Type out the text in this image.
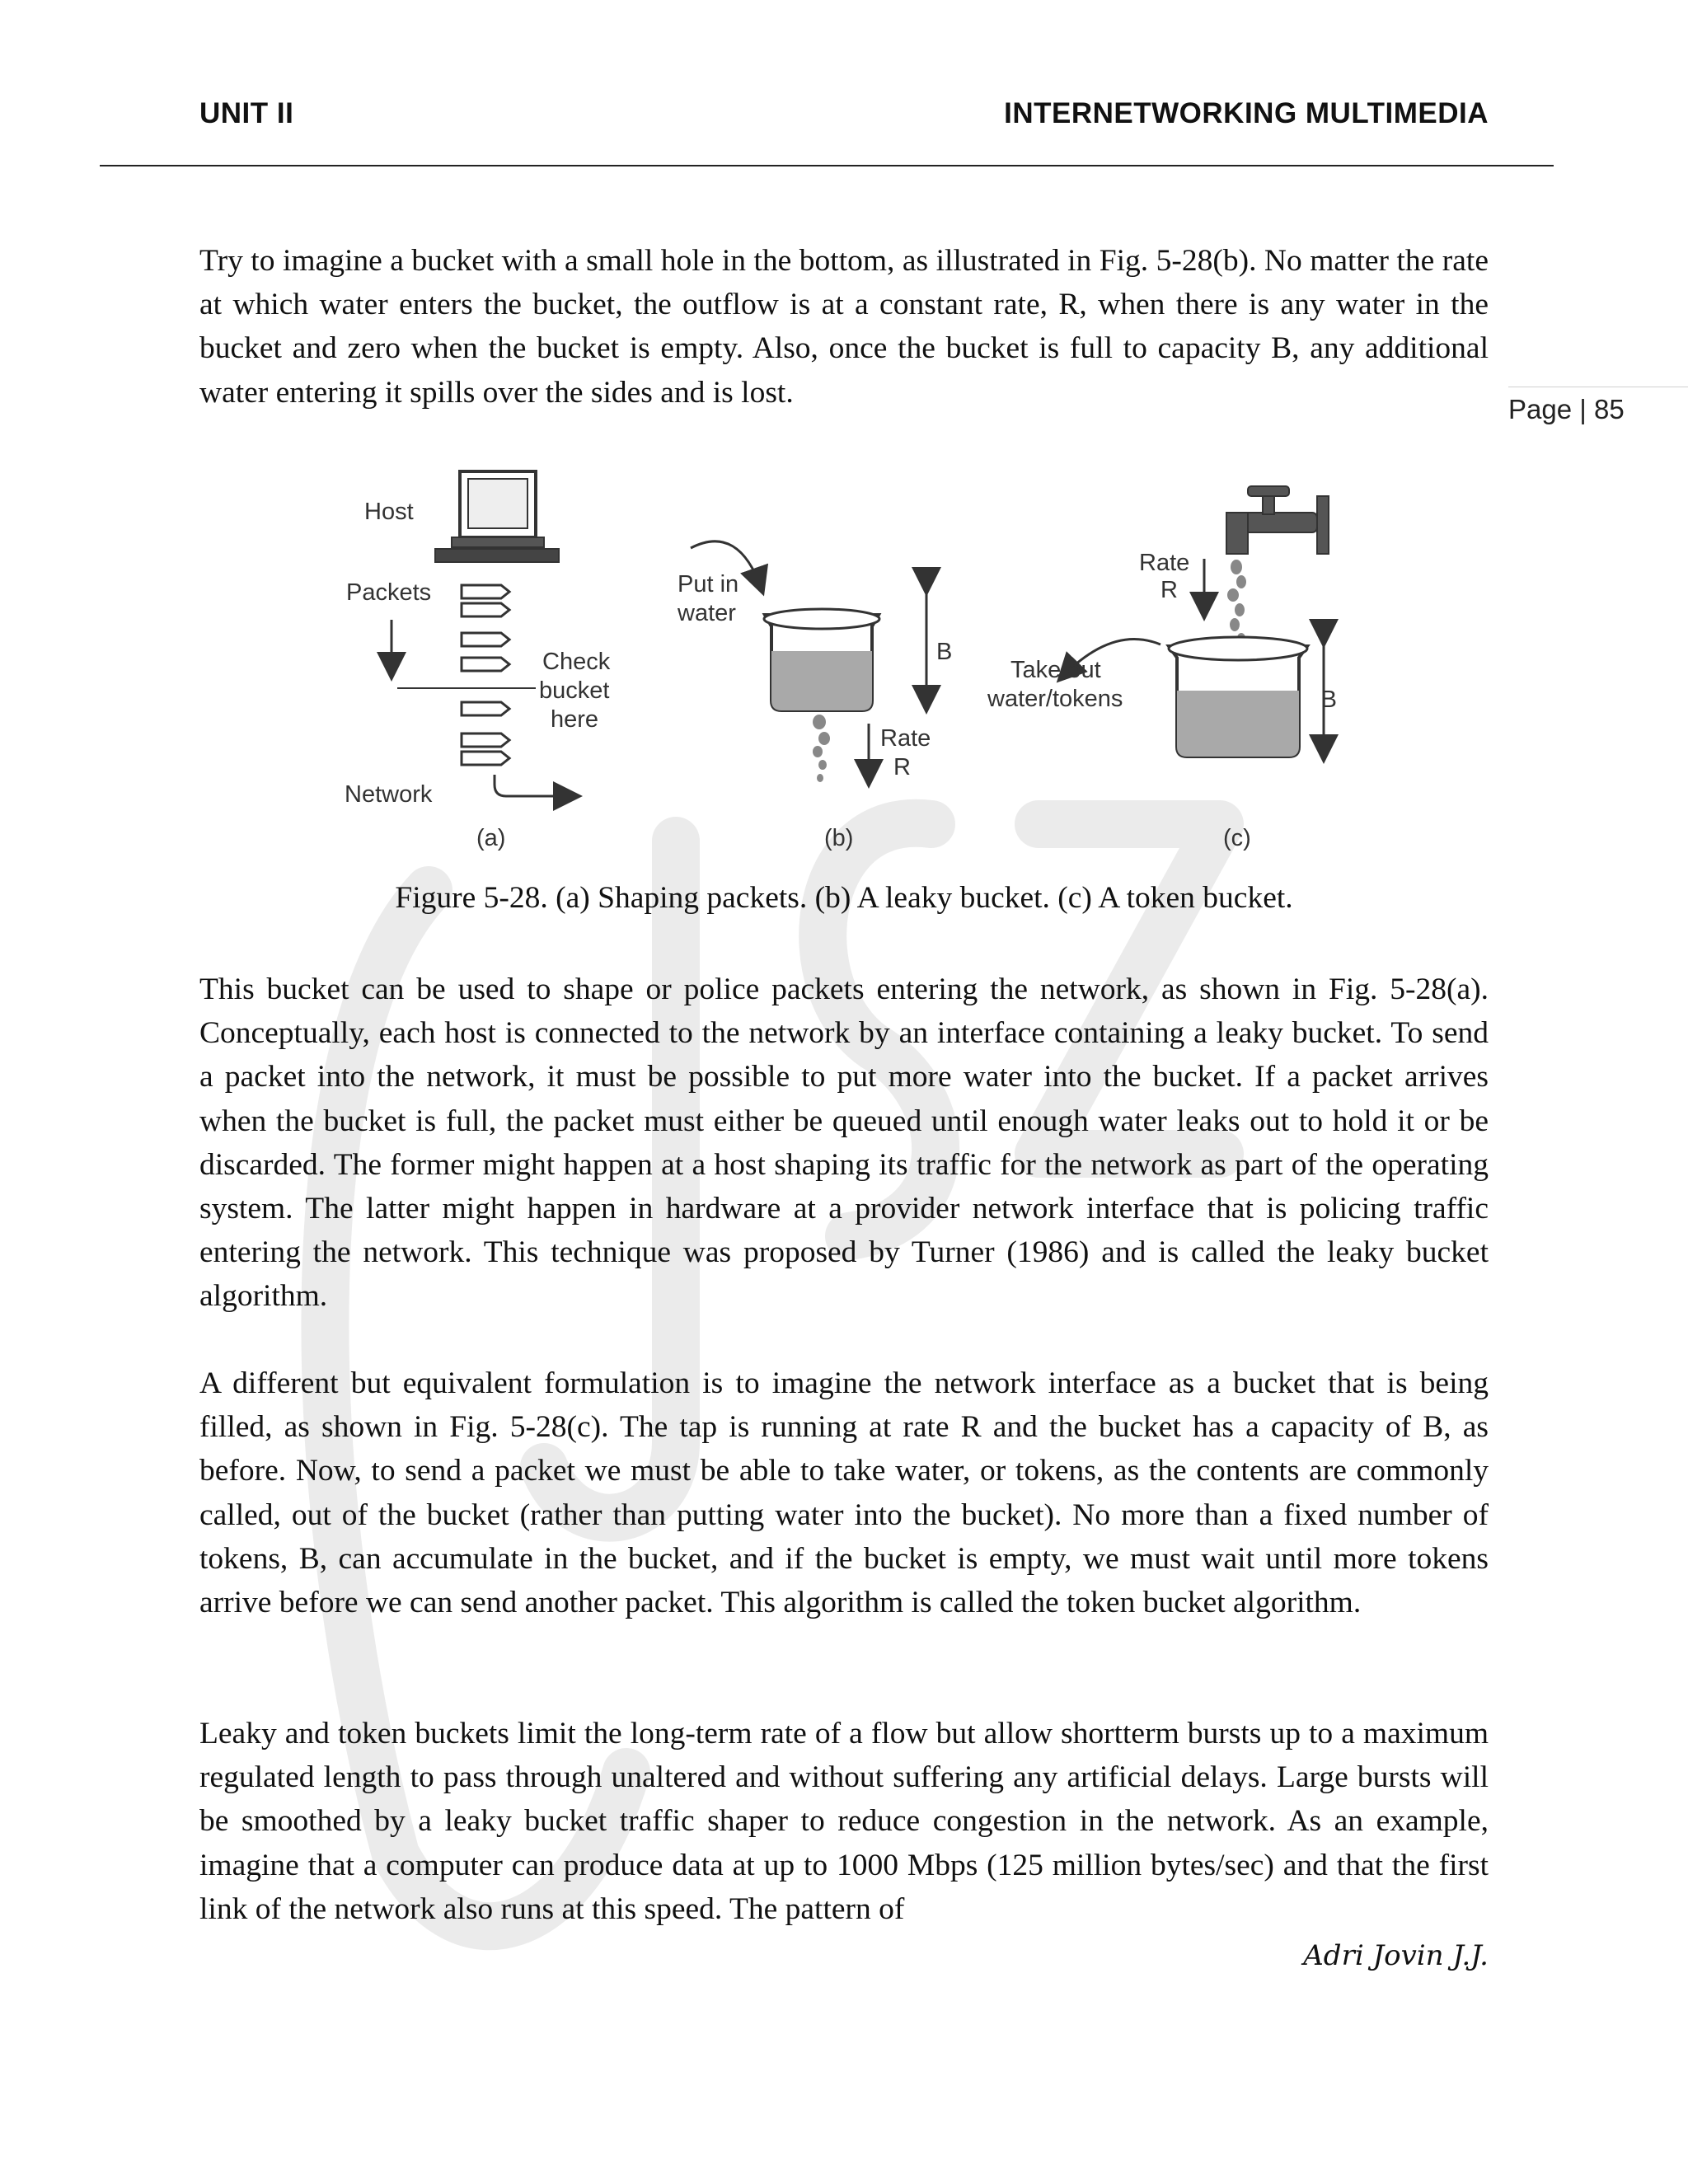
UNIT II	INTERNETWORKING MULTIMEDIA
Page | 85

Try to imagine a bucket with a small hole in the bottom, as illustrated in Fig. 5-28(b). No matter the rate at which water enters the bucket, the outflow is at a constant rate, R, when there is any water in the bucket and zero when the bucket is empty. Also, once the bucket is full to capacity B, any additional water entering it spills over the sides and is lost.

Host
Packets
Check
bucket
here
Network
(a)
Put in
water
B
Rate
R
(b)
Rate
R
Take out
water/tokens	B
(c)
Figure 5-28. (a) Shaping packets. (b) A leaky bucket. (c) A token bucket.

This bucket can be used to shape or police packets entering the network, as shown in Fig. 5-28(a). Conceptually, each host is connected to the network by an interface containing a leaky bucket. To send a packet into the network, it must be possible to put more water into the bucket. If a packet arrives when the bucket is full, the packet must either be queued until enough water leaks out to hold it or be discarded. The former might happen at a host shaping its traffic for the network as part of the operating system. The latter might happen in hardware at a provider network interface that is policing traffic entering the network. This technique was proposed by Turner (1986) and is called the leaky bucket algorithm.

A different but equivalent formulation is to imagine the network interface as a bucket that is being filled, as shown in Fig. 5-28(c). The tap is running at rate R and the bucket has a capacity of B, as before. Now, to send a packet we must be able to take water, or tokens, as the contents are commonly called, out of the bucket (rather than putting water into the bucket). No more than a fixed number of tokens, B, can accumulate in the bucket, and if the bucket is empty, we must wait until more tokens arrive before we can send another packet. This algorithm is called the token bucket algorithm.

Leaky and token buckets limit the long-term rate of a flow but allow shortterm bursts up to a maximum regulated length to pass through unaltered and without suffering any artificial delays. Large bursts will be smoothed by a leaky bucket traffic shaper to reduce congestion in the network. As an example, imagine that a computer can produce data at up to 1000 Mbps (125 million bytes/sec) and that the first link of the network also runs at this speed. The pattern of

Adri Jovin J.J.
